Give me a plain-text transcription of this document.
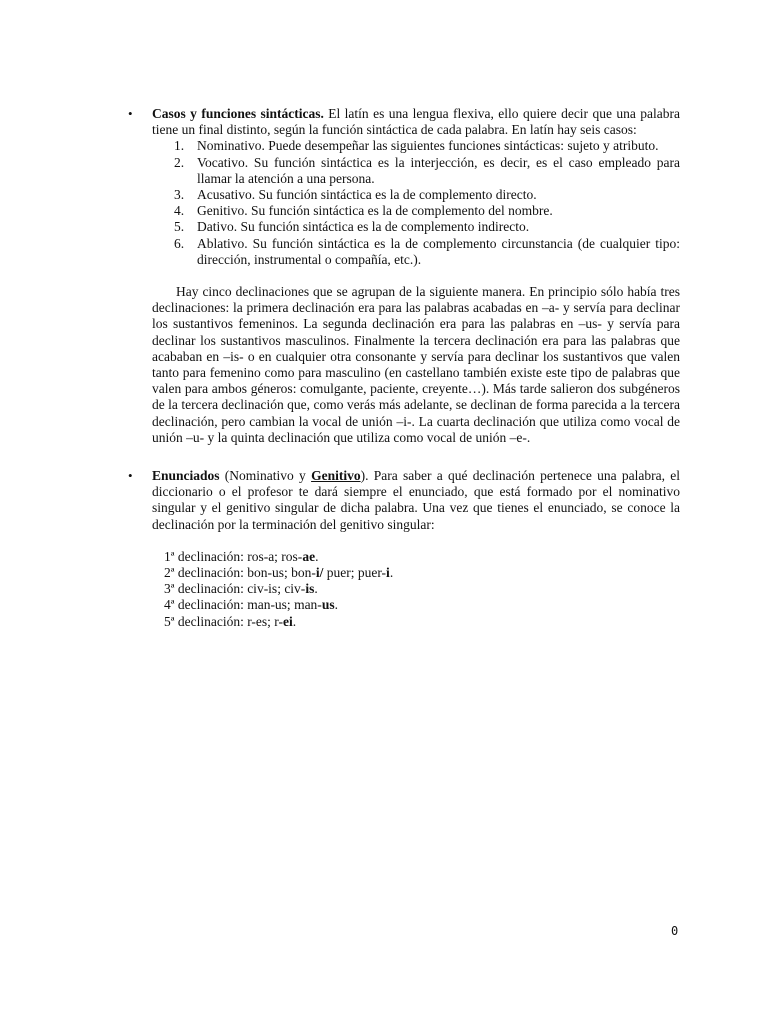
• Casos y funciones sintácticas. El latín es una lengua flexiva, ello quiere decir que una palabra tiene un final distinto, según la función sintáctica de cada palabra. En latín hay seis casos:
1. Nominativo. Puede desempeñar las siguientes funciones sintácticas: sujeto y atributo.
2. Vocativo. Su función sintáctica es la interjección, es decir, es el caso empleado para llamar la atención a una persona.
3. Acusativo. Su función sintáctica es la de complemento directo.
4. Genitivo. Su función sintáctica es la de complemento del nombre.
5. Dativo. Su función sintáctica es la de complemento indirecto.
6. Ablativo. Su función sintáctica es la de complemento circunstancia (de cualquier tipo: dirección, instrumental o compañía, etc.).

Hay cinco declinaciones que se agrupan de la siguiente manera. En principio sólo había tres declinaciones: la primera declinación era para las palabras acabadas en –a- y servía para declinar los sustantivos femeninos. La segunda declinación era para las palabras en –us- y servía para declinar los sustantivos masculinos. Finalmente la tercera declinación era para las palabras que acababan en –is- o en cualquier otra consonante y servía para declinar los sustantivos que valen tanto para femenino como para masculino (en castellano también existe este tipo de palabras que valen para ambos géneros: comulgante, paciente, creyente…). Más tarde salieron dos subgéneros de la tercera declinación que, como verás más adelante, se declinan de forma parecida a la tercera declinación, pero cambian la vocal de unión –i-. La cuarta declinación que utiliza como vocal de unión –u- y la quinta declinación que utiliza como vocal de unión –e-.

• Enunciados (Nominativo y Genitivo). Para saber a qué declinación pertenece una palabra, el diccionario o el profesor te dará siempre el enunciado, que está formado por el nominativo singular y el genitivo singular de dicha palabra. Una vez que tienes el enunciado, se conoce la declinación por la terminación del genitivo singular:
1ª declinación: ros-a; ros-ae.
2ª declinación: bon-us; bon-i/ puer; puer-i.
3ª declinación: civ-is; civ-is.
4ª declinación: man-us; man-us.
5ª declinación: r-es; r-ei.
0
